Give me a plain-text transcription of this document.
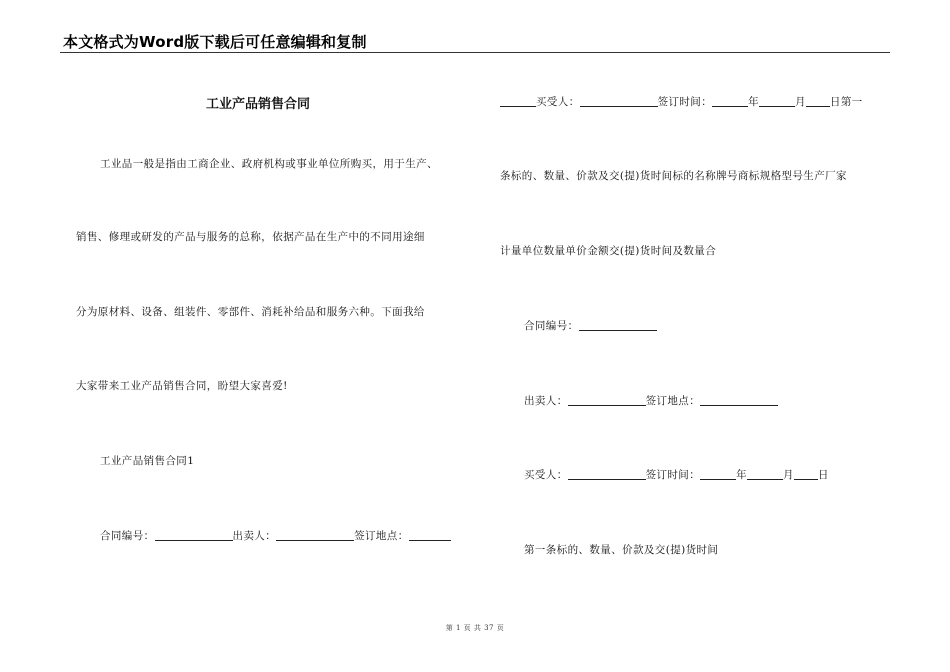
本文格式为Word版下载后可任意编辑和复制
工业产品销售合同
工业品一般是指由工商企业、政府机构或事业单位所购买，用于生产、
销售、修理或研发的产品与服务的总称，依据产品在生产中的不同用途细
分为原材料、设备、组装件、零部件、消耗补给品和服务六种。下面我给
大家带来工业产品销售合同，盼望大家喜爱!
工业产品销售合同1
合同编号：	出卖人：	签订地点：
买受人：	签订时间：	年	月 日第一
条标的、数量、价款及交(提)货时间标的名称牌号商标规格型号生产厂家
计量单位数量单价金额交(提)货时间及数量合
合同编号：
出卖人：	签订地点：
买受人：	签订时间：	年	月 日
第一条标的、数量、价款及交(提)货时间
第 1 页 共 37 页
